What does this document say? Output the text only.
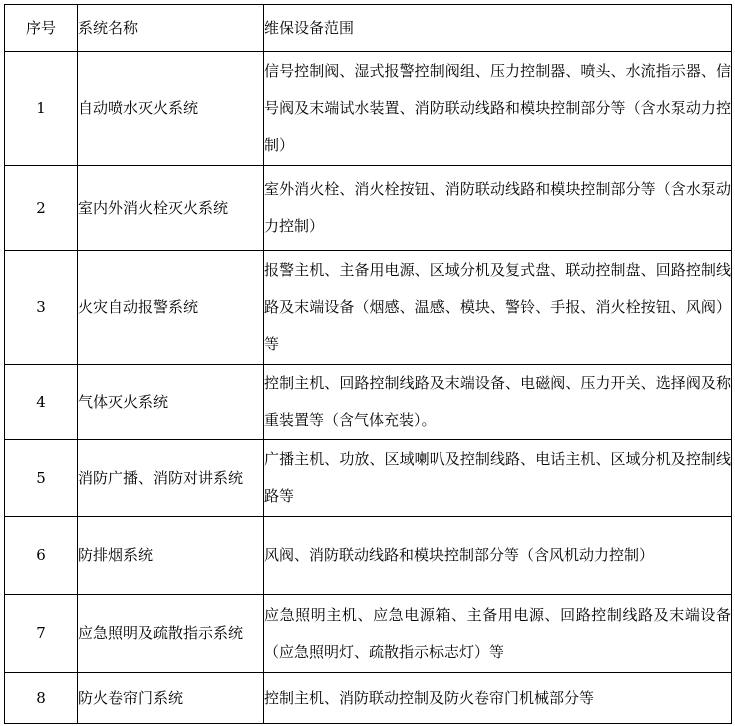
序号	系统名称	维保设备范围
1	自动喷水灭火系统	信号控制阀、湿式报警控制阀组、压力控制器、喷头、水流指示器、信号阀及末端试水装置、消防联动线路和模块控制部分等（含水泵动力控制）
2	室内外消火栓灭火系统	室外消火栓、消火栓按钮、消防联动线路和模块控制部分等（含水泵动力控制）
3	火灾自动报警系统	报警主机、主备用电源、区域分机及复式盘、联动控制盘、回路控制线路及末端设备（烟感、温感、模块、警铃、手报、消火栓按钮、风阀）等
4	气体灭火系统	控制主机、回路控制线路及末端设备、电磁阀、压力开关、选择阀及称重装置等（含气体充装）。
5	消防广播、消防对讲系统	广播主机、功放、区域喇叭及控制线路、电话主机、区域分机及控制线路等
6	防排烟系统	风阀、消防联动线路和模块控制部分等（含风机动力控制）
7	应急照明及疏散指示系统	应急照明主机、应急电源箱、主备用电源、回路控制线路及末端设备（应急照明灯、疏散指示标志灯）等
8	防火卷帘门系统	控制主机、消防联动控制及防火卷帘门机械部分等
